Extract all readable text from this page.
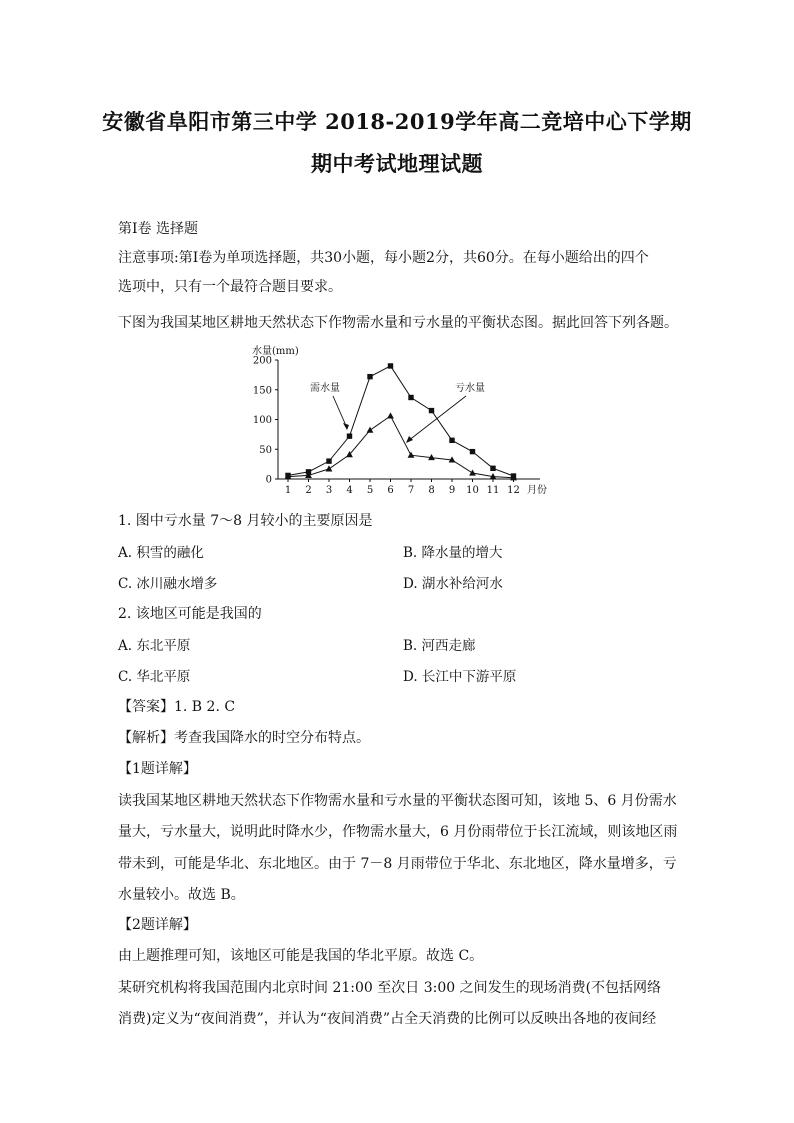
安徽省阜阳市第三中学 2018-2019学年高二竞培中心下学期
期中考试地理试题
第Ⅰ卷 选择题
注意事项:第Ⅰ卷为单项选择题，共30小题，每小题2分，共60分。在每小题给出的四个
选项中，只有一个最符合题目要求。
下图为我国某地区耕地天然状态下作物需水量和亏水量的平衡状态图。据此回答下列各题。
水量(mm)
月份
0
50
100
150
200
1 2 3 4 5 6 7 8 9 10 11 12
需水量	亏水量
1. 图中亏水量 7～8 月较小的主要原因是
A. 积雪的融化	B. 降水量的增大
C. 冰川融水增多	D. 湖水补给河水
2. 该地区可能是我国的
A. 东北平原	B. 河西走廊
C. 华北平原	D. 长江中下游平原
【答案】1. B 2. C
【解析】考查我国降水的时空分布特点。
【1题详解】
读我国某地区耕地天然状态下作物需水量和亏水量的平衡状态图可知，该地 5、6 月份需水
量大，亏水量大，说明此时降水少，作物需水量大，6 月份雨带位于长江流域，则该地区雨
带未到，可能是华北、东北地区。由于 7－8 月雨带位于华北、东北地区，降水量增多，亏
水量较小。故选 B。
【2题详解】
由上题推理可知，该地区可能是我国的华北平原。故选 C。
某研究机构将我国范围内北京时间 21:00 至次日 3:00 之间发生的现场消费(不包括网络
消费)定义为“夜间消费”，并认为“夜间消费”占全天消费的比例可以反映出各地的夜间经
